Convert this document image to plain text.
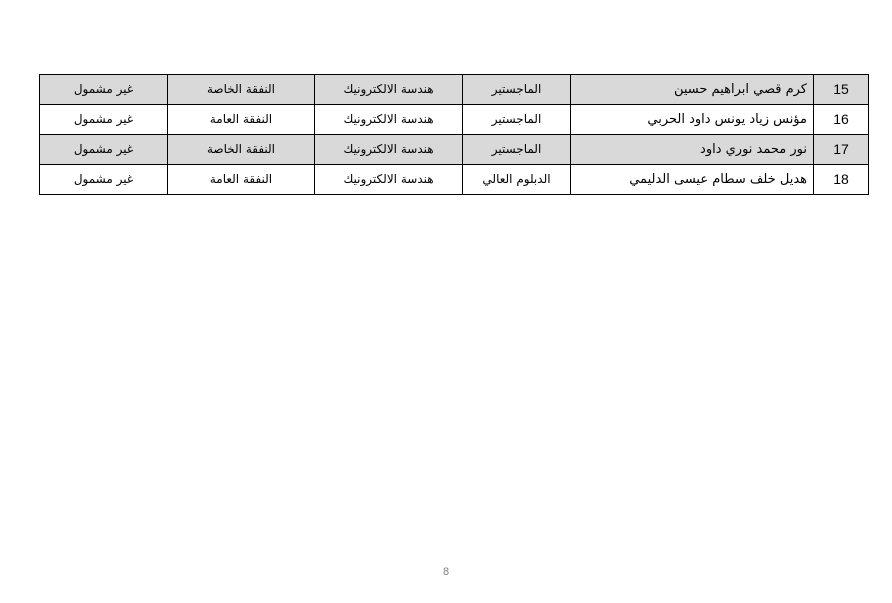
15	كرم قصي ابراهيم حسين	الماجستير	هندسة الالكترونيك	النفقة الخاصة	غير مشمول
16	مؤنس زياد يونس داود الحربي	الماجستير	هندسة الالكترونيك	النفقة العامة	غير مشمول
17	نور محمد نوري داود	الماجستير	هندسة الالكترونيك	النفقة الخاصة	غير مشمول
18	هديل خلف سطام عيسى الدليمي	الدبلوم العالي	هندسة الالكترونيك	النفقة العامة	غير مشمول
8
